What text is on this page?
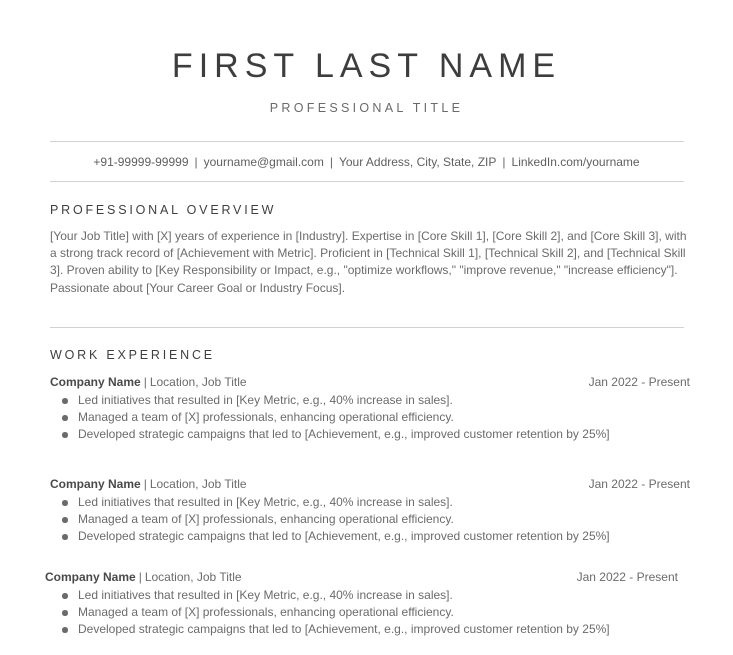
FIRST LAST NAME
PROFESSIONAL TITLE
+91-99999-99999 | yourname@gmail.com | Your Address, City, State, ZIP | LinkedIn.com/yourname
PROFESSIONAL OVERVIEW

[Your Job Title] with [X] years of experience in [Industry]. Expertise in [Core Skill 1], [Core Skill 2], and [Core Skill 3], with a strong track record of [Achievement with Metric]. Proficient in [Technical Skill 1], [Technical Skill 2], and [Technical Skill 3]. Proven ability to [Key Responsibility or Impact, e.g., "optimize workflows," "improve revenue," "increase efficiency"]. Passionate about [Your Career Goal or Industry Focus].

WORK EXPERIENCE
Company Name | Location, Job Title	Jan 2022 - Present
Led initiatives that resulted in [Key Metric, e.g., 40% increase in sales].
Managed a team of [X] professionals, enhancing operational efficiency.
Developed strategic campaigns that led to [Achievement, e.g., improved customer retention by 25%]
Company Name | Location, Job Title	Jan 2022 - Present
Led initiatives that resulted in [Key Metric, e.g., 40% increase in sales].
Managed a team of [X] professionals, enhancing operational efficiency.
Developed strategic campaigns that led to [Achievement, e.g., improved customer retention by 25%]
Company Name | Location, Job Title	Jan 2022 - Present
Led initiatives that resulted in [Key Metric, e.g., 40% increase in sales].
Managed a team of [X] professionals, enhancing operational efficiency.
Developed strategic campaigns that led to [Achievement, e.g., improved customer retention by 25%]
